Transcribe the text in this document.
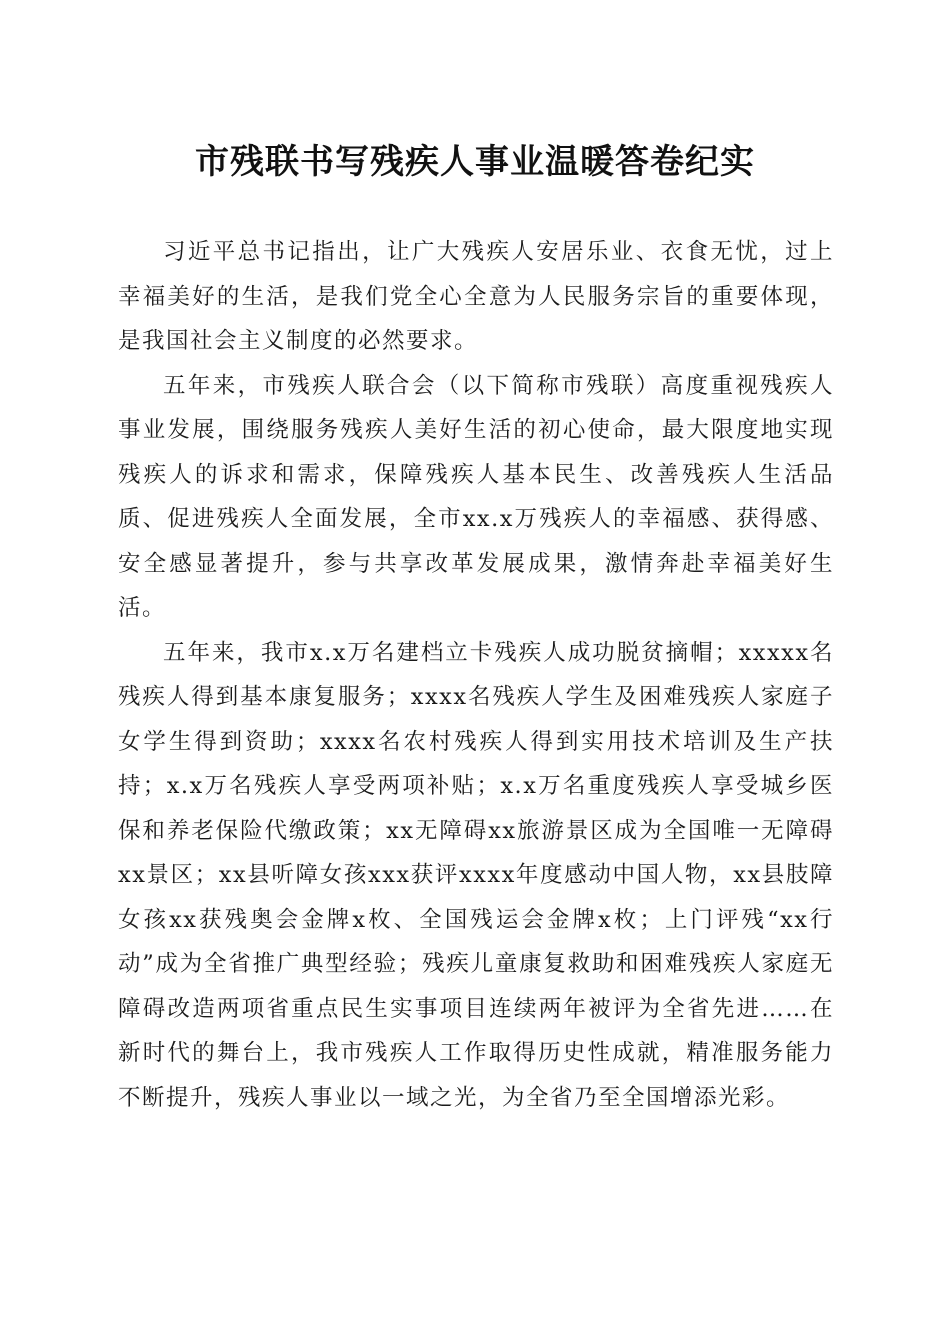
市残联书写残疾人事业温暖答卷纪实

习近平总书记指出，让广大残疾人安居乐业、衣食无忧，过上幸福美好的生活，是我们党全心全意为人民服务宗旨的重要体现，是我国社会主义制度的必然要求。

五年来，市残疾人联合会（以下简称市残联）高度重视残疾人事业发展，围绕服务残疾人美好生活的初心使命，最大限度地实现残疾人的诉求和需求，保障残疾人基本民生、改善残疾人生活品质、促进残疾人全面发展，全市xx.x万残疾人的幸福感、获得感、安全感显著提升，参与共享改革发展成果，激情奔赴幸福美好生活。

五年来，我市x.x万名建档立卡残疾人成功脱贫摘帽；xxxxx名残疾人得到基本康复服务；xxxx名残疾人学生及困难残疾人家庭子女学生得到资助；xxxx名农村残疾人得到实用技术培训及生产扶持；x.x万名残疾人享受两项补贴；x.x万名重度残疾人享受城乡医保和养老保险代缴政策；xx无障碍xx旅游景区成为全国唯一无障碍xx景区；xx县听障女孩xxx获评xxxx年度感动中国人物，xx县肢障女孩xx获残奥会金牌x枚、全国残运会金牌x枚；上门评残“xx行动”成为全省推广典型经验；残疾儿童康复救助和困难残疾人家庭无障碍改造两项省重点民生实事项目连续两年被评为全省先进……在新时代的舞台上，我市残疾人工作取得历史性成就，精准服务能力不断提升，残疾人事业以一域之光，为全省乃至全国增添光彩。
